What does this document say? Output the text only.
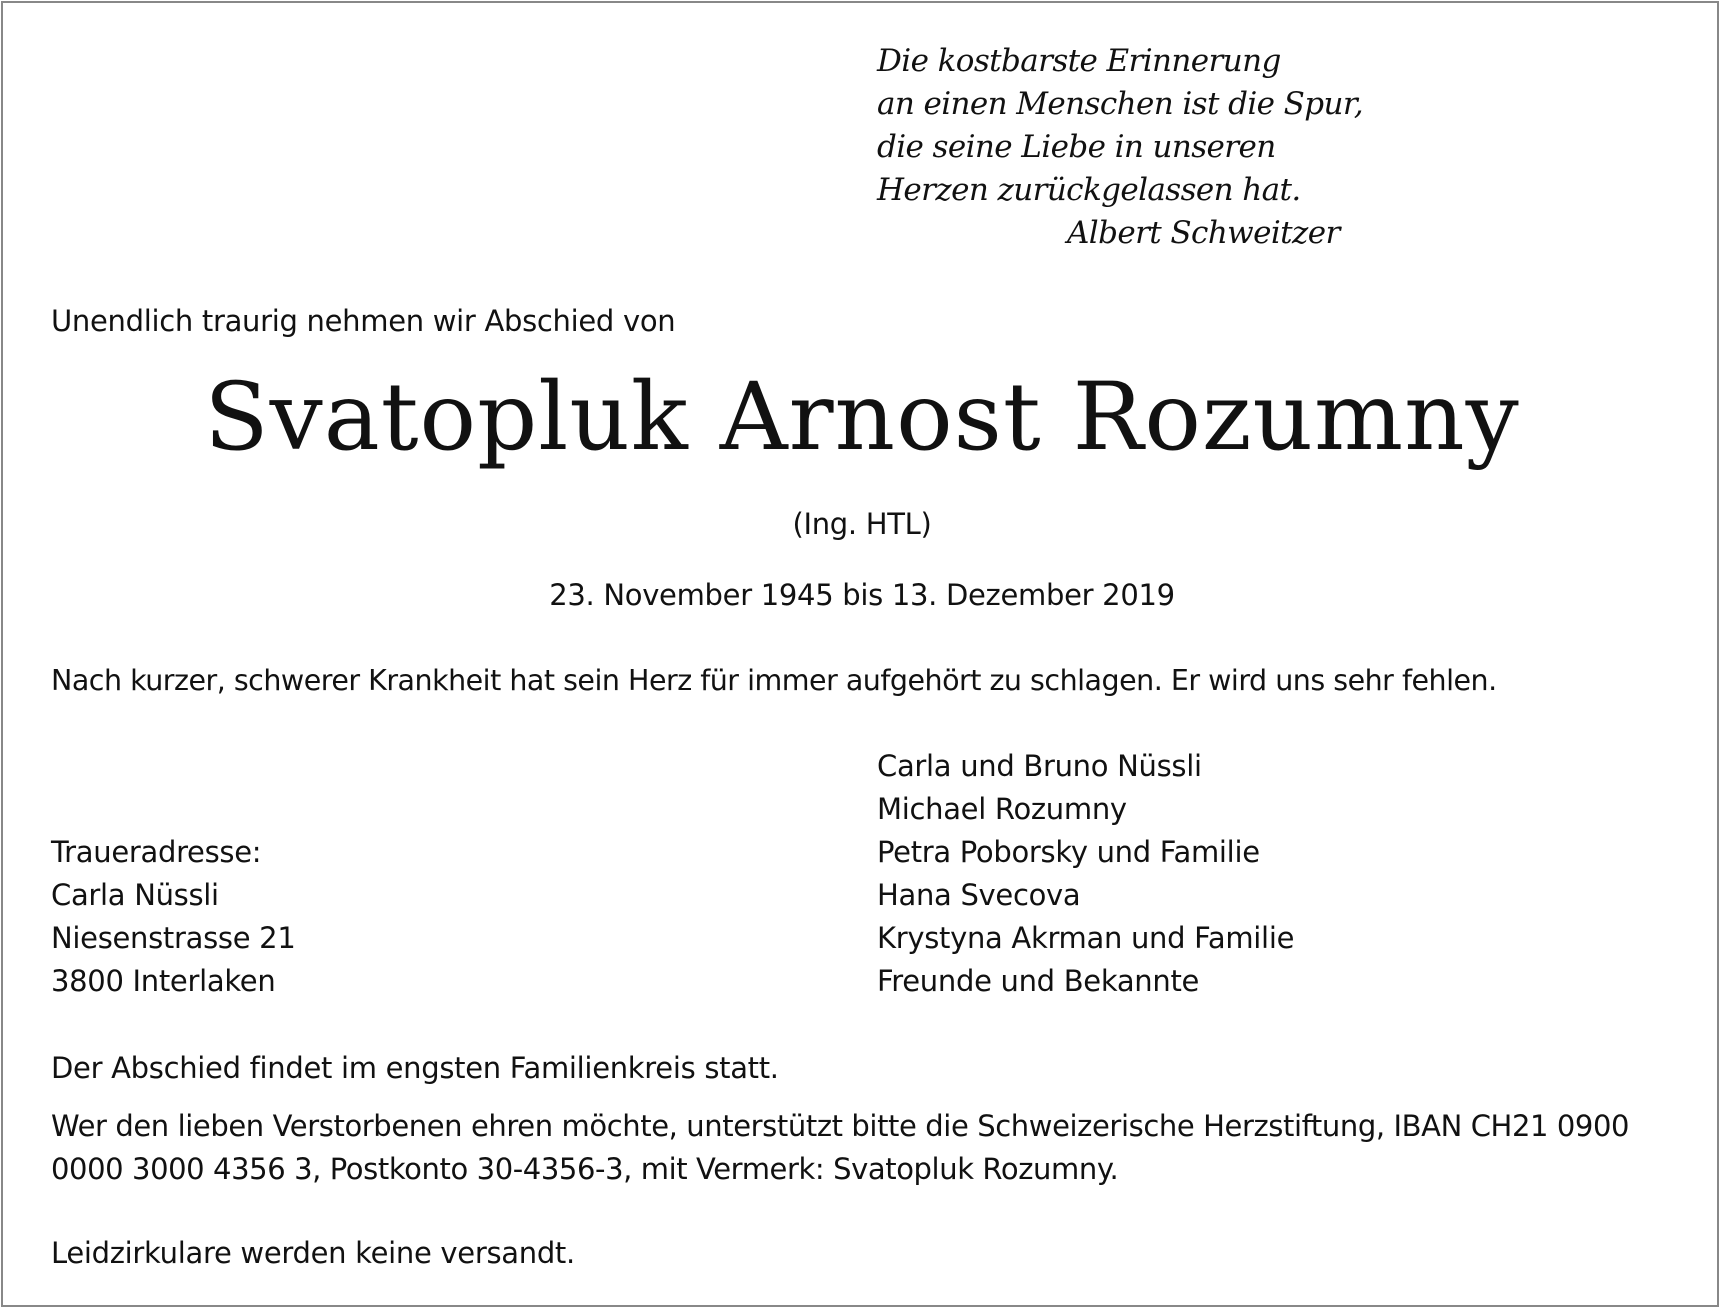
Die kostbarste Erinnerung
an einen Menschen ist die Spur,
die seine Liebe in unseren
Herzen zurückgelassen hat.
Albert Schweitzer
Unendlich traurig nehmen wir Abschied von
Svatopluk Arnost Rozumny
(Ing. HTL)
23. November 1945 bis 13. Dezember 2019
Nach kurzer, schwerer Krankheit hat sein Herz für immer aufgehört zu schlagen. Er wird uns sehr fehlen.
Carla und Bruno Nüssli
Michael Rozumny
Petra Poborsky und Familie
Hana Svecova
Krystyna Akrman und Familie
Freunde und Bekannte
Traueradresse:
Carla Nüssli
Niesenstrasse 21
3800 Interlaken
Der Abschied findet im engsten Familienkreis statt.
Wer den lieben Verstorbenen ehren möchte, unterstützt bitte die Schweizerische Herzstiftung, IBAN CH21 0900
0000 3000 4356 3, Postkonto 30-4356-3, mit Vermerk: Svatopluk Rozumny.
Leidzirkulare werden keine versandt.
